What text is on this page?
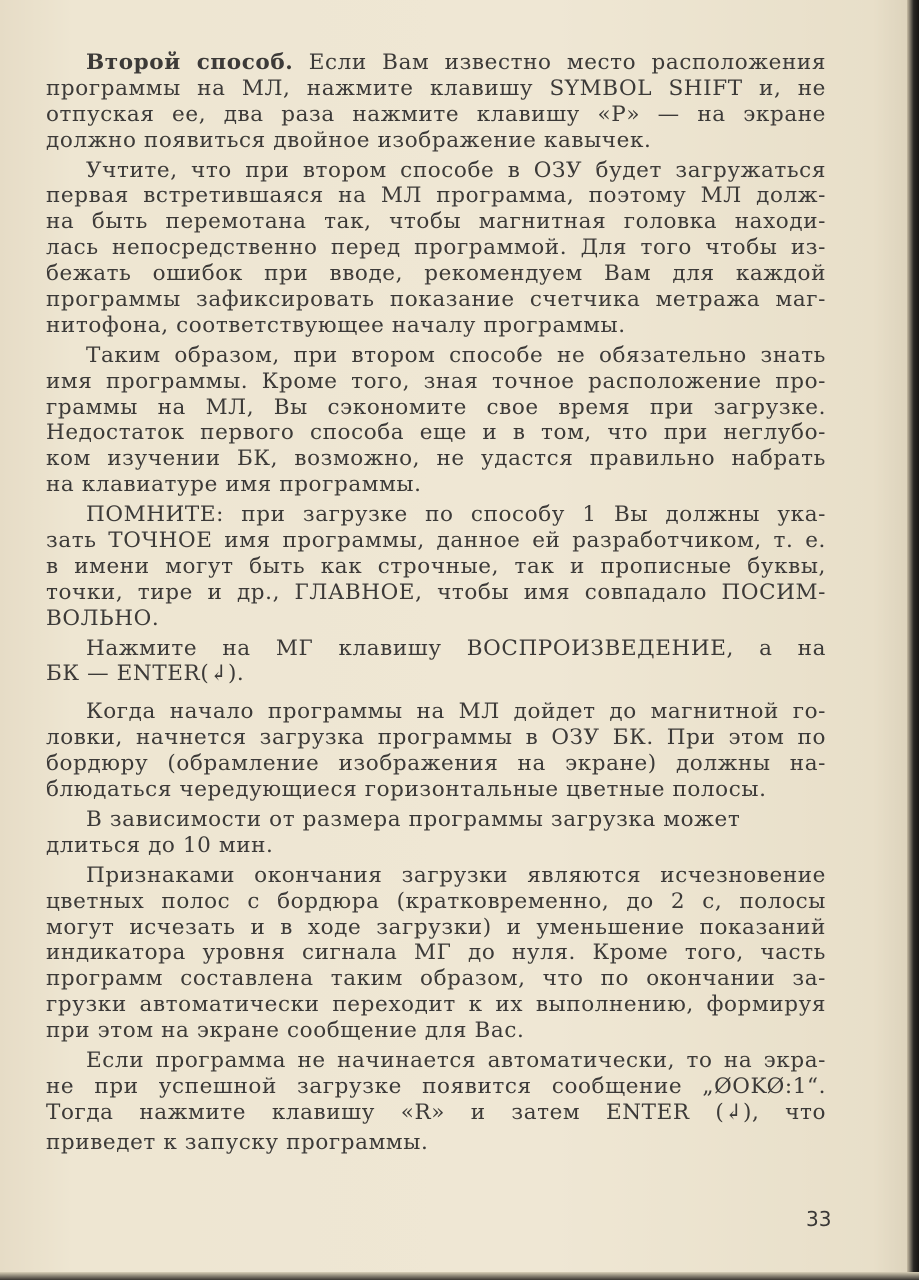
Второй способ. Если Вам известно место расположения
программы на МЛ, нажмите клавишу SYMBOL SHIFT и, не
отпуская ее, два раза нажмите клавишу «Р» — на экране
должно появиться двойное изображение кавычек.
Учтите, что при втором способе в ОЗУ будет загружаться
первая встретившаяся на МЛ программа, поэтому МЛ долж-
на быть перемотана так, чтобы магнитная головка находи-
лась непосредственно перед программой. Для того чтобы из-
бежать ошибок при вводе, рекомендуем Вам для каждой
программы зафиксировать показание счетчика метража маг-
нитофона, соответствующее началу программы.
Таким образом, при втором способе не обязательно знать
имя программы. Кроме того, зная точное расположение про-
граммы на МЛ, Вы сэкономите свое время при загрузке.
Недостаток первого способа еще и в том, что при неглубо-
ком изучении БК, возможно, не удастся правильно набрать
на клавиатуре имя программы.
ПОМНИТЕ: при загрузке по способу 1 Вы должны ука-
зать ТОЧНОЕ имя программы, данное ей разработчиком, т. е.
в имени могут быть как строчные, так и прописные буквы,
точки, тире и др., ГЛАВНОЕ, чтобы имя совпадало ПОСИМ-
ВОЛЬНО.
Нажмите на МГ клавишу ВОСПРОИЗВЕДЕНИЕ, а на
БК — ENTER(↲).
Когда начало программы на МЛ дойдет до магнитной го-
ловки, начнется загрузка программы в ОЗУ БК. При этом по
бордюру (обрамление изображения на экране) должны на-
блюдаться чередующиеся горизонтальные цветные полосы.
В зависимости от размера программы загрузка может
длиться до 10 мин.
Признаками окончания загрузки являются исчезновение
цветных полос с бордюра (кратковременно, до 2 с, полосы
могут исчезать и в ходе загрузки) и уменьшение показаний
индикатора уровня сигнала МГ до нуля. Кроме того, часть
программ составлена таким образом, что по окончании за-
грузки автоматически переходит к их выполнению, формируя
при этом на экране сообщение для Вас.
Если программа не начинается автоматически, то на экра-
не при успешной загрузке появится сообщение „ØOKØ:1“.
Тогда нажмите клавишу «R» и затем ENTER (↲), что
приведет к запуску программы.
33
